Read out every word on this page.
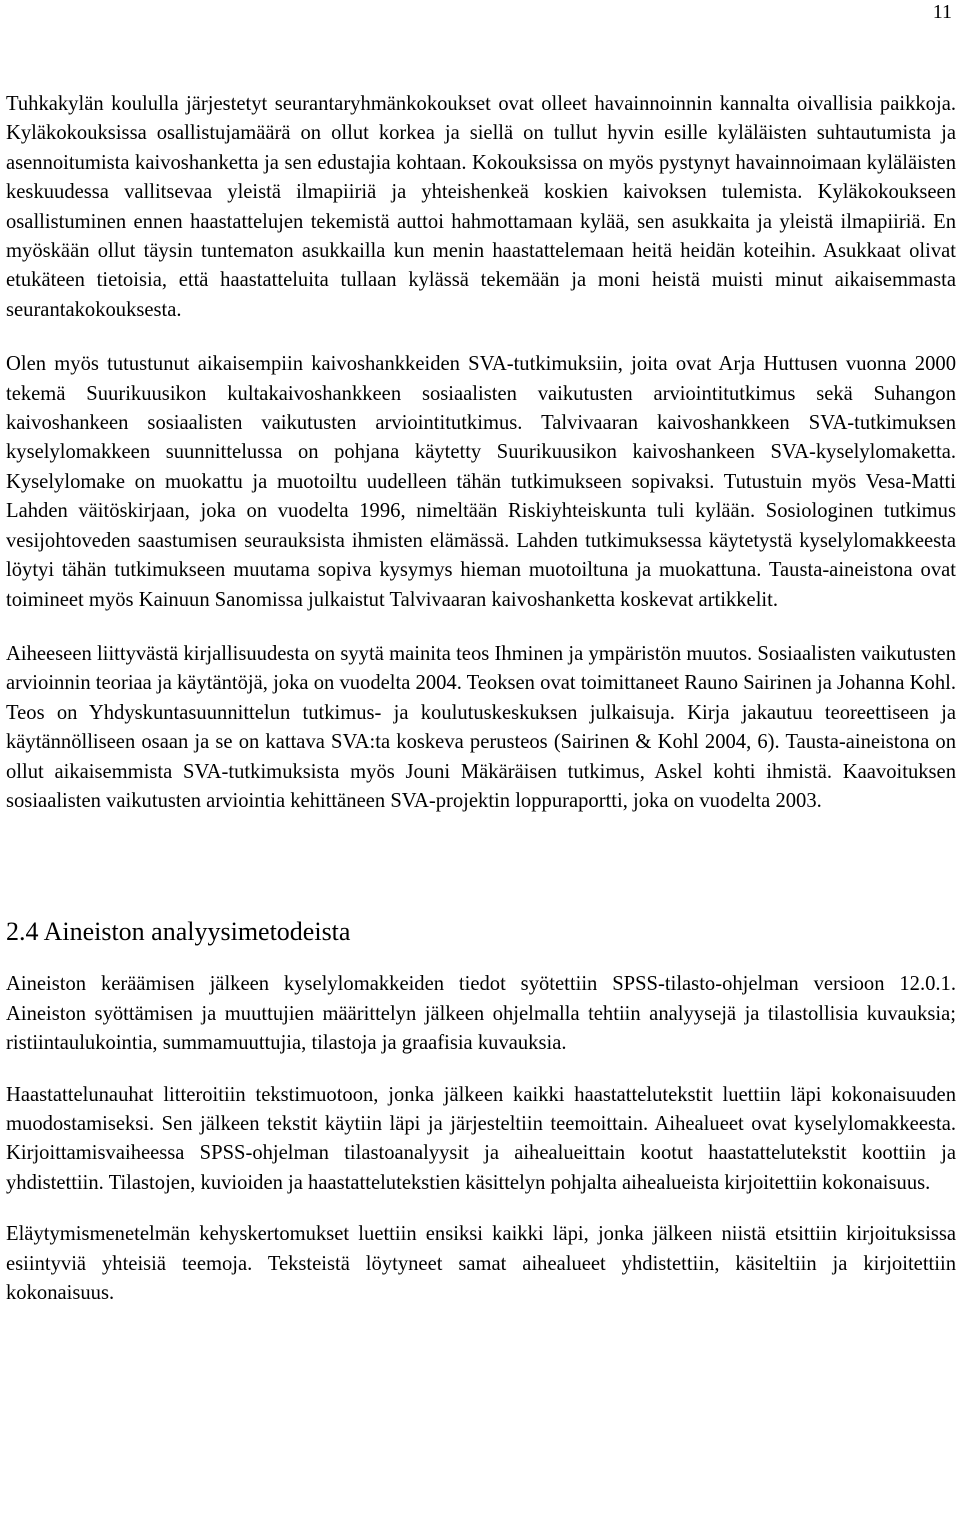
11

Tuhkakylän koululla järjestetyt seurantaryhmänkokoukset ovat olleet havainnoinnin kannalta oivallisia paikkoja. Kyläkokouksissa osallistujamäärä on ollut korkea ja siellä on tullut hyvin esille kyläläisten suhtautumista ja asennoitumista kaivoshanketta ja sen edustajia kohtaan. Kokouksissa on myös pystynyt havainnoimaan kyläläisten keskuudessa vallitsevaa yleistä ilmapiiriä ja yhteishenkeä koskien kaivoksen tulemista. Kyläkokoukseen osallistuminen ennen haastattelujen tekemistä auttoi hahmottamaan kylää, sen asukkaita ja yleistä ilmapiiriä. En myöskään ollut täysin tuntematon asukkailla kun menin haastattelemaan heitä heidän koteihin. Asukkaat olivat etukäteen tietoisia, että haastatteluita tullaan kylässä tekemään ja moni heistä muisti minut aikaisemmasta seurantakokouksesta.

Olen myös tutustunut aikaisempiin kaivoshankkeiden SVA-tutkimuksiin, joita ovat Arja Huttusen vuonna 2000 tekemä Suurikuusikon kultakaivoshankkeen sosiaalisten vaikutusten arviointitutkimus sekä Suhangon kaivoshankeen sosiaalisten vaikutusten arviointitutkimus. Talvivaaran kaivoshankkeen SVA-tutkimuksen kyselylomakkeen suunnittelussa on pohjana käytetty Suurikuusikon kaivoshankeen SVA-kyselylomaketta. Kyselylomake on muokattu ja muotoiltu uudelleen tähän tutkimukseen sopivaksi. Tutustuin myös Vesa-Matti Lahden väitöskirjaan, joka on vuodelta 1996, nimeltään Riskiyhteiskunta tuli kylään. Sosiologinen tutkimus vesijohtoveden saastumisen seurauksista ihmisten elämässä. Lahden tutkimuksessa käytetystä kyselylomakkeesta löytyi tähän tutkimukseen muutama sopiva kysymys hieman muotoiltuna ja muokattuna. Tausta-aineistona ovat toimineet myös Kainuun Sanomissa julkaistut Talvivaaran kaivoshanketta koskevat artikkelit.

Aiheeseen liittyvästä kirjallisuudesta on syytä mainita teos Ihminen ja ympäristön muutos. Sosiaalisten vaikutusten arvioinnin teoriaa ja käytäntöjä, joka on vuodelta 2004. Teoksen ovat toimittaneet Rauno Sairinen ja Johanna Kohl. Teos on Yhdyskuntasuunnittelun tutkimus- ja koulutuskeskuksen julkaisuja. Kirja jakautuu teoreettiseen ja käytännölliseen osaan ja se on kattava SVA:ta koskeva perusteos (Sairinen & Kohl 2004, 6). Tausta-aineistona on ollut aikaisemmista SVA-tutkimuksista myös Jouni Mäkäräisen tutkimus, Askel kohti ihmistä. Kaavoituksen sosiaalisten vaikutusten arviointia kehittäneen SVA-projektin loppuraportti, joka on vuodelta 2003.

2.4 Aineiston analyysimetodeista

Aineiston keräämisen jälkeen kyselylomakkeiden tiedot syötettiin SPSS-tilasto-ohjelman versioon 12.0.1. Aineiston syöttämisen ja muuttujien määrittelyn jälkeen ohjelmalla tehtiin analyysejä ja tilastollisia kuvauksia; ristiintaulukointia, summamuuttujia, tilastoja ja graafisia kuvauksia.

Haastattelunauhat litteroitiin tekstimuotoon, jonka jälkeen kaikki haastattelutekstit luettiin läpi kokonaisuuden muodostamiseksi. Sen jälkeen tekstit käytiin läpi ja järjesteltiin teemoittain. Aihealueet ovat kyselylomakkeesta. Kirjoittamisvaiheessa SPSS-ohjelman tilastoanalyysit ja aihealueittain kootut haastattelutekstit koottiin ja yhdistettiin. Tilastojen, kuvioiden ja haastattelutekstien käsittelyn pohjalta aihealueista kirjoitettiin kokonaisuus.

Eläytymismenetelmän kehyskertomukset luettiin ensiksi kaikki läpi, jonka jälkeen niistä etsittiin kirjoituksissa esiintyviä yhteisiä teemoja. Teksteistä löytyneet samat aihealueet yhdistettiin, käsiteltiin ja kirjoitettiin kokonaisuus.
